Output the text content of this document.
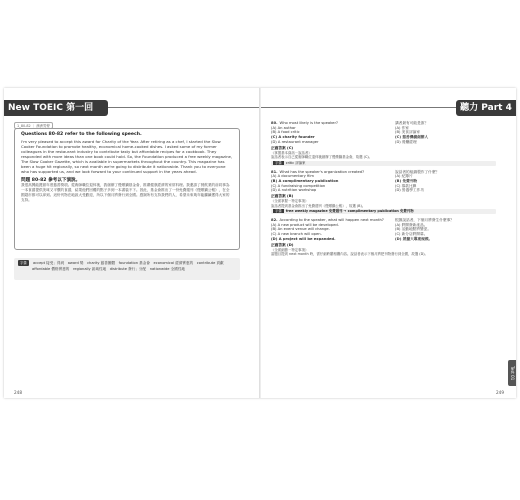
New TOEIC 第一回
1_80-82 ｜ 澳洲男聲
Questions 80-82 refer to the following speech.
I'm very pleased to accept this award for Charity of the Year. After retiring as a chef, I started the Slow Cooker Foundation to promote healthy, economical home-cooked dishes. I asked some of my former colleagues in the restaurant industry to contribute tasty but affordable recipes for a cookbook. They responded with more ideas than one book could hold. So, the Foundation produced a free weekly magazine, The Slow Cooker Gazette, which is available in supermarkets throughout the country. This magazine has been a huge hit regionally, so next month we're going to distribute it nationwide. Thank you to everyone who has supported us, and we look forward to your continued support in the years ahead.
問題 80-82 參考以下演說。
我很高興能獲頒年度慈善獎項。從廚師職位退休後，我創辦了慢燉鍋基金會，推廣健康經濟的家常料理。我邀請了餐飲業的前同事為一本食譜提供美味又平價的食譜，結果他們回覆的點子多到一本書裝不下。因此，基金會推出了一份免費週刊《慢燉鍋公報》，在全國超市都可以拿到。這份刊物在地區大受歡迎，所以下個月將發行到全國。感謝所有支持我們的人，希望未來幾年能繼續獲得大家的支持。
字彙 accept 接受；得到　award 獎　charity 慈善團體　foundation 基金會　economical 經濟實惠的　contribute 貢獻
affordable 價格實惠的　regionally 區域性地　distribute 發行；分配　nationwide 全國性地
248
聽力 Part 4
80. Who most likely is the speaker?	講者最有可能是誰？
(A) An author	(A) 作家
(B) A food critic	(B) 美食評論家
(C) A charity founder	(C) 慈善機構創辦人
(D) A restaurant manager	(D) 餐廳經理
正確答案 (C)
《掌握基本資訊－說話者》
說話者表示自己從廚師職位退休後創辦了慢燉鍋基金會，故選 (C)。
字彙 critic 評論家
81. What has the speaker's organization created?	說話者的組織製作了什麼？
(A) A documentary film	(A) 紀錄片
(B) A complimentary publication	(B) 免費刊物
(C) A fundraising competition	(C) 募款比賽
(D) A nutrition workshop	(D) 營養學工作坊
正確答案 (B)
《全面掌握－特定事項》
說話者提到基金會推出了免費週刊《慢燉鍋公報》，故選 (B)。
字彙 free weekly magazine 免費週刊 → complimentary publication 免費刊物
82. According to the speaker, what will happen next month?	根據說話者，下個月將發生什麼事？
(A) A new product will be developed.	(A) 將開發新產品。
(B) An event venue will change.	(B) 活動地點將變更。
(C) A new branch will open.	(C) 新分店將開幕。
(D) A project will be expanded.	(D) 將擴大專案規模。
正確答案 (D)
《全面細節－特定事項》
當題目提到 next month 時，需仔細聆聽相關內容。說話者表示下個月將把刊物發行到全國，故選 (D)。
Test 01
249
